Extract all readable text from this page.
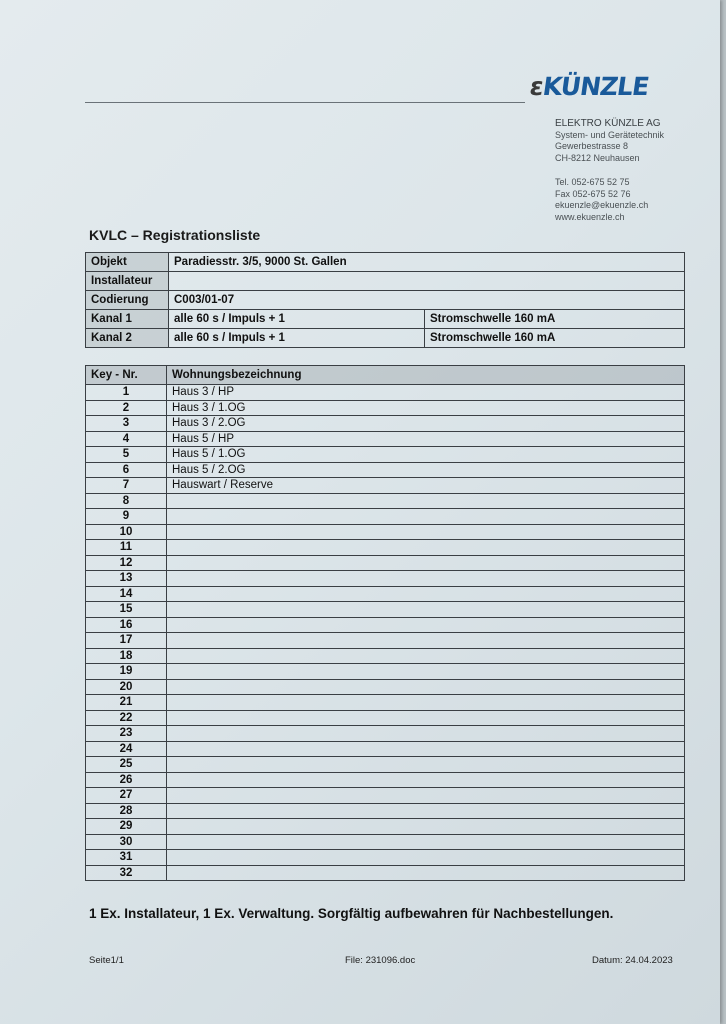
εKÜNZLE
ELEKTRO KÜNZLE AG
System- und Gerätetechnik
Gewerbestrasse 8
CH-8212 Neuhausen
Tel. 052-675 52 75
Fax 052-675 52 76
ekuenzle@ekuenzle.ch
www.ekuenzle.ch
KVLC – Registrationsliste
Objekt	Paradiesstr. 3/5, 9000 St. Gallen	
Installateur		
Codierung	C003/01-07	
Kanal 1	alle 60 s / Impuls + 1	Stromschwelle 160 mA
Kanal 2	alle 60 s / Impuls + 1	Stromschwelle 160 mA
Key - Nr.	Wohnungsbezeichnung
1	Haus 3 / HP
2	Haus 3 / 1.OG
3	Haus 3 / 2.OG
4	Haus 5 / HP
5	Haus 5 / 1.OG
6	Haus 5 / 2.OG
7	Hauswart / Reserve
8	
9	
10	
11	
12	
13	
14	
15	
16	
17	
18	
19	
20	
21	
22	
23	
24	
25	
26	
27	
28	
29	
30	
31	
32	
1 Ex. Installateur, 1 Ex. Verwaltung. Sorgfältig aufbewahren für Nachbestellungen.
Seite1/1	File: 231096.doc	Datum: 24.04.2023
